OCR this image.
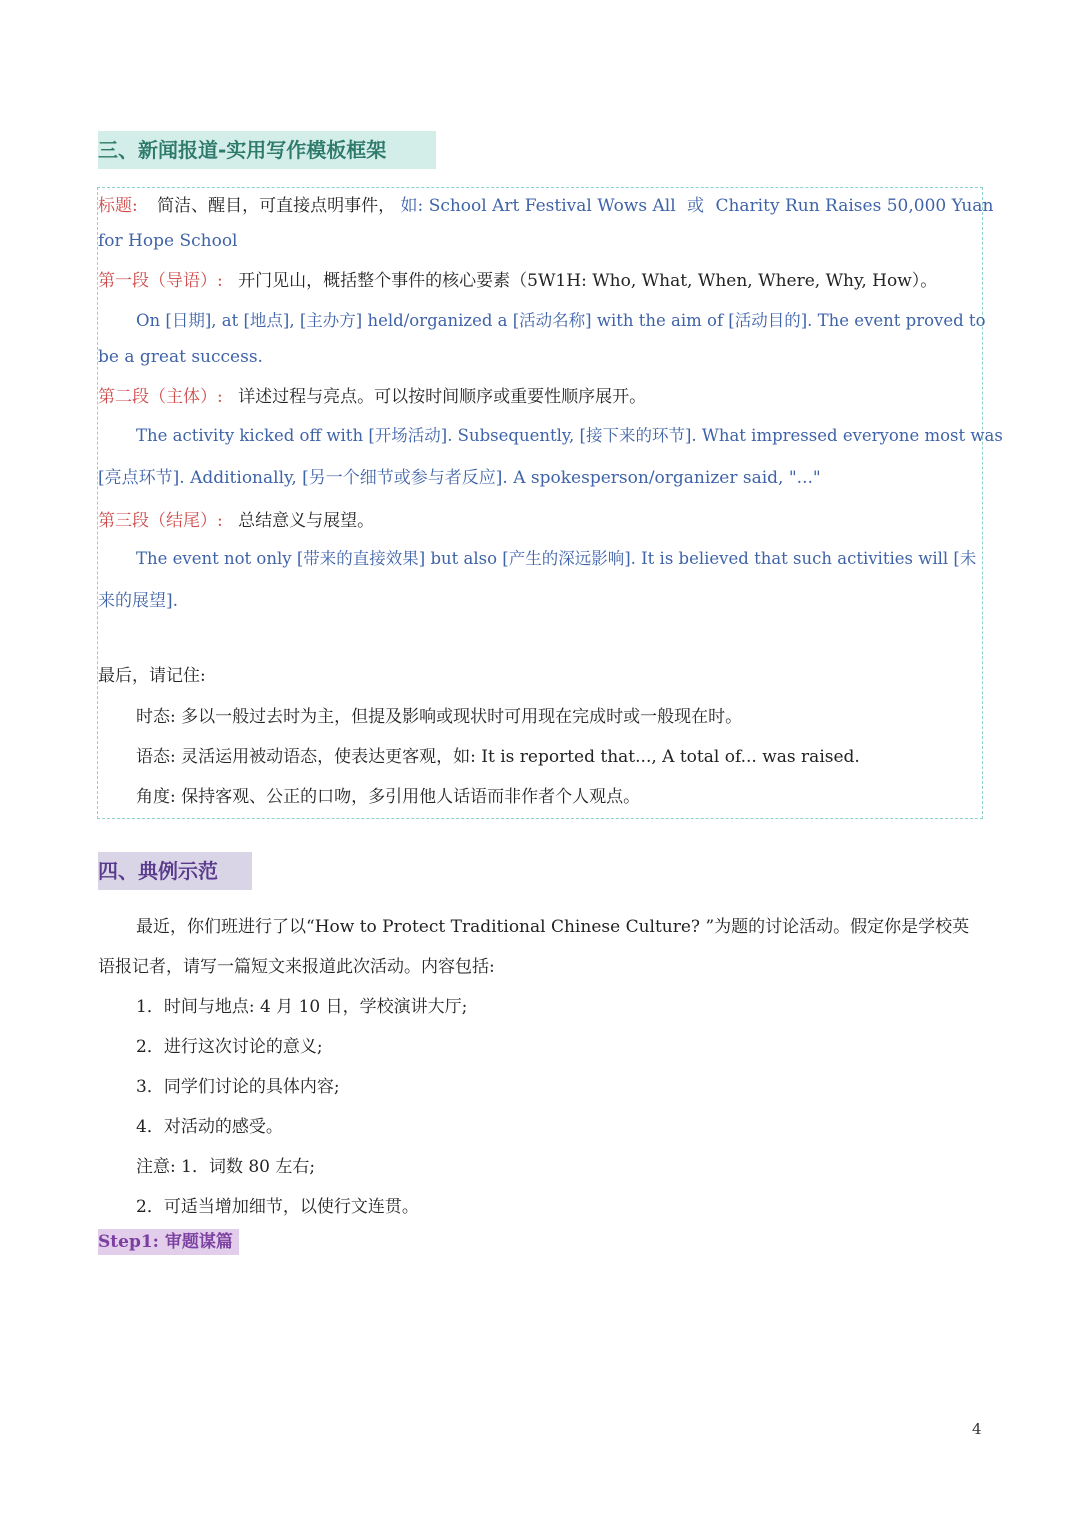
三、新闻报道-实用写作模板框架
标题: 简洁、醒目，可直接点明事件， 如: School Art Festival Wows All 或 Charity Run Raises 50,000 Yuan
for Hope School
第一段（导语）: 开门见山，概括整个事件的核心要素（5W1H: Who, What, When, Where, Why, How）。
On [日期], at [地点], [主办方] held/organized a [活动名称] with the aim of [活动目的]. The event proved to
be a great success.
第二段（主体）: 详述过程与亮点。可以按时间顺序或重要性顺序展开。
The activity kicked off with [开场活动]. Subsequently, [接下来的环节]. What impressed everyone most was
[亮点环节]. Additionally, [另一个细节或参与者反应]. A spokesperson/organizer said, "..."
第三段（结尾）: 总结意义与展望。
The event not only [带来的直接效果] but also [产生的深远影响]. It is believed that such activities will [未
来的展望].
最后，请记住:
时态: 多以一般过去时为主，但提及影响或现状时可用现在完成时或一般现在时。
语态: 灵活运用被动语态，使表达更客观，如: It is reported that..., A total of... was raised.
角度: 保持客观、公正的口吻，多引用他人话语而非作者个人观点。
四、典例示范
最近，你们班进行了以“How to Protect Traditional Chinese Culture? ”为题的讨论活动。假定你是学校英
语报记者，请写一篇短文来报道此次活动。内容包括:
1．时间与地点: 4 月 10 日，学校演讲大厅;
2．进行这次讨论的意义;
3．同学们讨论的具体内容;
4．对活动的感受。
注意: 1．词数 80 左右;
2．可适当增加细节，以使行文连贯。
Step1: 审题谋篇
4
